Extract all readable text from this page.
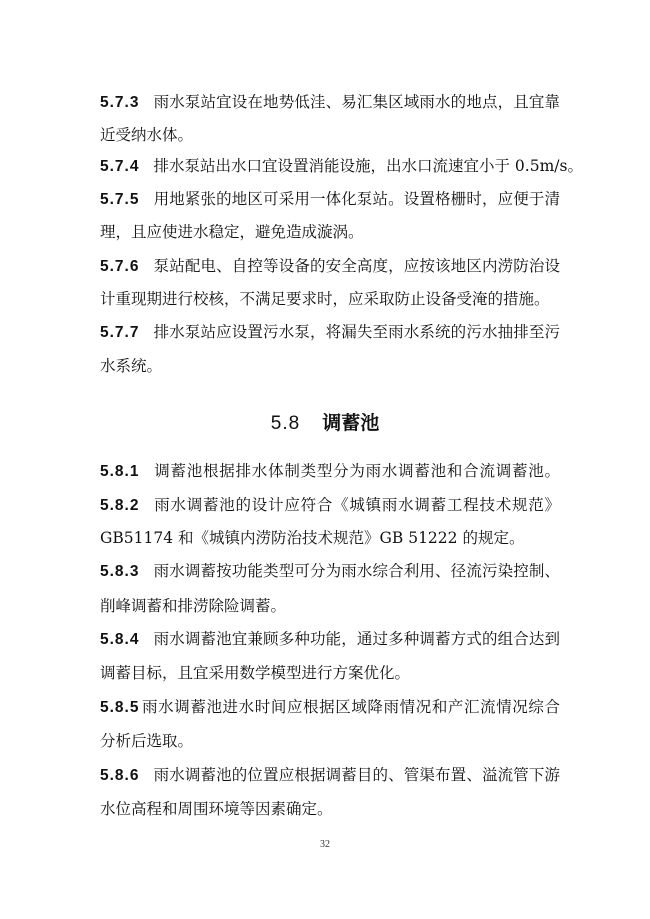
5.7.3 雨水泵站宜设在地势低洼、易汇集区域雨水的地点，且宜靠
近受纳水体。
5.7.4 排水泵站出水口宜设置消能设施，出水口流速宜小于 0.5m/s。
5.7.5 用地紧张的地区可采用一体化泵站。设置格栅时，应便于清
理，且应使进水稳定，避免造成漩涡。
5.7.6 泵站配电、自控等设备的安全高度，应按该地区内涝防治设
计重现期进行校核，不满足要求时，应采取防止设备受淹的措施。
5.7.7 排水泵站应设置污水泵，将漏失至雨水系统的污水抽排至污
水系统。
5.8 调蓄池
5.8.1 调蓄池根据排水体制类型分为雨水调蓄池和合流调蓄池。
5.8.2 雨水调蓄池的设计应符合《城镇雨水调蓄工程技术规范》
GB51174 和《城镇内涝防治技术规范》GB 51222 的规定。
5.8.3 雨水调蓄按功能类型可分为雨水综合利用、径流污染控制、
削峰调蓄和排涝除险调蓄。
5.8.4 雨水调蓄池宜兼顾多种功能，通过多种调蓄方式的组合达到
调蓄目标，且宜采用数学模型进行方案优化。
5.8.5 雨水调蓄池进水时间应根据区域降雨情况和产汇流情况综合
分析后选取。
5.8.6 雨水调蓄池的位置应根据调蓄目的、管渠布置、溢流管下游
水位高程和周围环境等因素确定。
32
